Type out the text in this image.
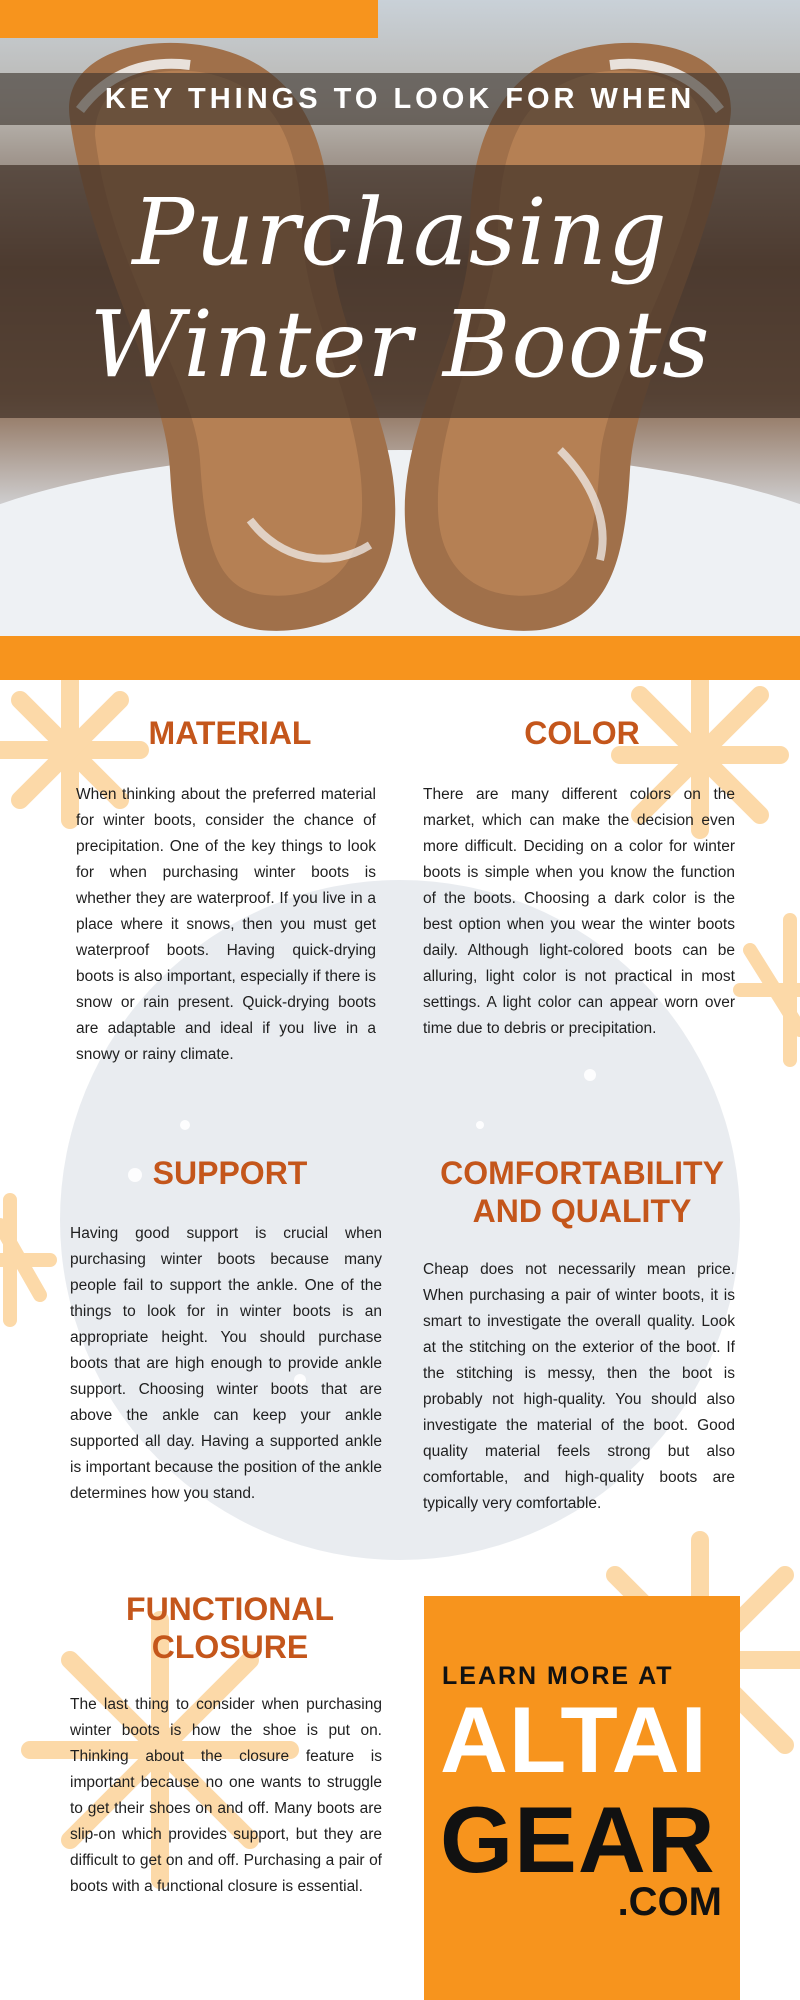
KEY THINGS TO LOOK FOR WHEN
Purchasing
Winter Boots
MATERIAL
When thinking about the preferred material for winter boots, consider the chance of precipitation. One of the key things to look for when purchasing winter boots is whether they are waterproof. If you live in a place where it snows, then you must get waterproof boots. Having quick-drying boots is also important, especially if there is snow or rain present. Quick-drying boots are adaptable and ideal if you live in a snowy or rainy climate.
COLOR
There are many different colors on the market, which can make the decision even more difficult. Deciding on a color for winter boots is simple when you know the function of the boots. Choosing a dark color is the best option when you wear the winter boots daily. Although light-colored boots can be alluring, light color is not practical in most settings. A light color can appear worn over time due to debris or precipitation.
SUPPORT
Having good support is crucial when purchasing winter boots because many people fail to support the ankle. One of the things to look for in winter boots is an appropriate height. You should purchase boots that are high enough to provide ankle support. Choosing winter boots that are above the ankle can keep your ankle supported all day. Having a supported ankle is important because the position of the ankle determines how you stand.
COMFORTABILITY
AND QUALITY
Cheap does not necessarily mean price. When purchasing a pair of winter boots, it is smart to investigate the overall quality. Look at the stitching on the exterior of the boot. If the stitching is messy, then the boot is probably not high-quality. You should also investigate the material of the boot. Good quality material feels strong but also comfortable, and high-quality boots are typically very comfortable.
FUNCTIONAL
CLOSURE
The last thing to consider when purchasing winter boots is how the shoe is put on. Thinking about the closure feature is important because no one wants to struggle to get their shoes on and off. Many boots are slip-on which provides support, but they are difficult to get on and off. Purchasing a pair of boots with a functional closure is essential.
LEARN MORE AT
ALTAI
GEAR
.COM
